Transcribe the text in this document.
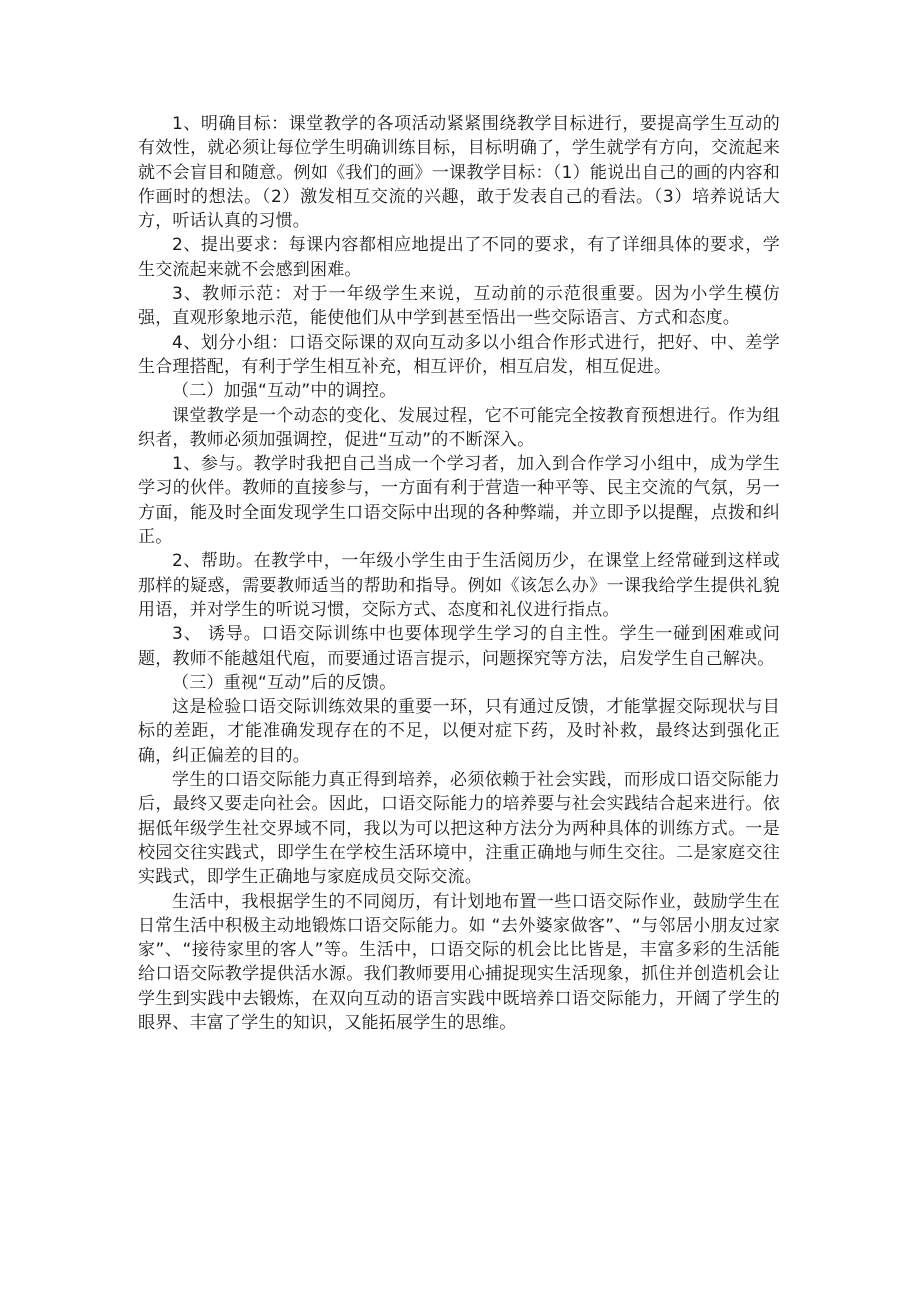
1、明确目标：课堂教学的各项活动紧紧围绕教学目标进行，要提高学生互动的有效性，就必须让每位学生明确训练目标，目标明确了，学生就学有方向，交流起来就不会盲目和随意。例如《我们的画》一课教学目标：（1）能说出自己的画的内容和作画时的想法。（2）激发相互交流的兴趣，敢于发表自己的看法。（3）培养说话大方，听话认真的习惯。

2、提出要求：每课内容都相应地提出了不同的要求，有了详细具体的要求，学生交流起来就不会感到困难。

3、教师示范：对于一年级学生来说，互动前的示范很重要。因为小学生模仿强，直观形象地示范，能使他们从中学到甚至悟出一些交际语言、方式和态度。

4、划分小组：口语交际课的双向互动多以小组合作形式进行，把好、中、差学生合理搭配，有利于学生相互补充，相互评价，相互启发，相互促进。

（二）加强“互动”中的调控。

课堂教学是一个动态的变化、发展过程，它不可能完全按教育预想进行。作为组织者，教师必须加强调控，促进“互动”的不断深入。

1、参与。教学时我把自己当成一个学习者，加入到合作学习小组中，成为学生学习的伙伴。教师的直接参与，一方面有利于营造一种平等、民主交流的气氛，另一方面，能及时全面发现学生口语交际中出现的各种弊端，并立即予以提醒，点拨和纠正。

2、帮助。在教学中，一年级小学生由于生活阅历少，在课堂上经常碰到这样或那样的疑惑，需要教师适当的帮助和指导。例如《该怎么办》一课我给学生提供礼貌用语，并对学生的听说习惯，交际方式、态度和礼仪进行指点。

3、 诱导。口语交际训练中也要体现学生学习的自主性。学生一碰到困难或问题，教师不能越俎代庖，而要通过语言提示，问题探究等方法，启发学生自己解决。

（三）重视“互动”后的反馈。

这是检验口语交际训练效果的重要一环，只有通过反馈，才能掌握交际现状与目标的差距，才能准确发现存在的不足，以便对症下药，及时补救，最终达到强化正确，纠正偏差的目的。

学生的口语交际能力真正得到培养，必须依赖于社会实践，而形成口语交际能力后，最终又要走向社会。因此，口语交际能力的培养要与社会实践结合起来进行。依据低年级学生社交界域不同，我以为可以把这种方法分为两种具体的训练方式。一是校园交往实践式，即学生在学校生活环境中，注重正确地与师生交往。二是家庭交往实践式，即学生正确地与家庭成员交际交流。

生活中，我根据学生的不同阅历，有计划地布置一些口语交际作业，鼓励学生在日常生活中积极主动地锻炼口语交际能力。如 “去外婆家做客”、“与邻居小朋友过家家”、“接待家里的客人”等。生活中，口语交际的机会比比皆是，丰富多彩的生活能给口语交际教学提供活水源。我们教师要用心捕捉现实生活现象，抓住并创造机会让学生到实践中去锻炼，在双向互动的语言实践中既培养口语交际能力，开阔了学生的眼界、丰富了学生的知识，又能拓展学生的思维。
